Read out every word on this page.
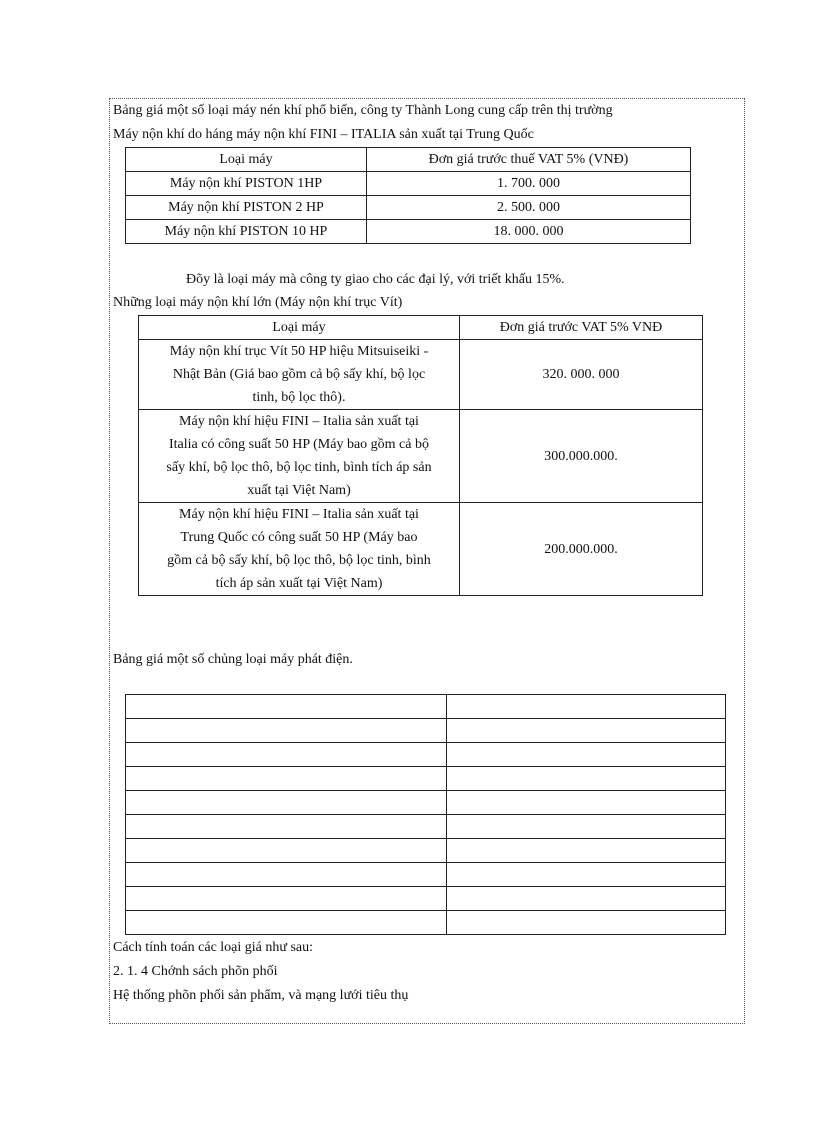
Bảng giá một số loại máy nén khí phổ biến, công ty Thành Long cung cấp trên thị trường
Máy nộn khí do háng máy nộn khí FINI – ITALIA sản xuất tại Trung Quốc
Loại máy	Đơn giá trước thuế VAT 5% (VNĐ)
Máy nộn khí PISTON 1HP	1. 700. 000
Máy nộn khí PISTON 2 HP	2. 500. 000
Máy nộn khí PISTON 10 HP	18. 000. 000
Đõy là loại máy mà công ty giao cho các đại lý, với triết khấu 15%.
Những loại máy nộn khí lớn (Máy nộn khí trục Vít)
Loại máy	Đơn giá trước VAT 5% VNĐ

Máy nộn khí trục Vít 50 HP hiệu Mitsuiseiki -
Nhật Bản (Giá bao gồm cả bộ sấy khí, bộ lọc
tinh, bộ lọc thô).	320. 000. 000

Máy nộn khí hiệu FINI – Italia sản xuất tại
Italia có công suất 50 HP (Máy bao gồm cả bộ
sấy khí, bộ lọc thô, bộ lọc tinh, bình tích áp sản
xuất tại Việt Nam)	300.000.000.

Máy nộn khí hiệu FINI – Italia sản xuất tại
Trung Quốc có công suất 50 HP (Máy bao
gồm cả bộ sấy khí, bộ lọc thô, bộ lọc tinh, bình
tích áp sản xuất tại Việt Nam)	200.000.000.
Bảng giá một số chủng loại máy phát điện.

Cách tính toán các loại giá như sau:
2. 1. 4 Chớnh sách phõn phối
Hệ thống phõn phối sản phẩm, và mạng lưới tiêu thụ
